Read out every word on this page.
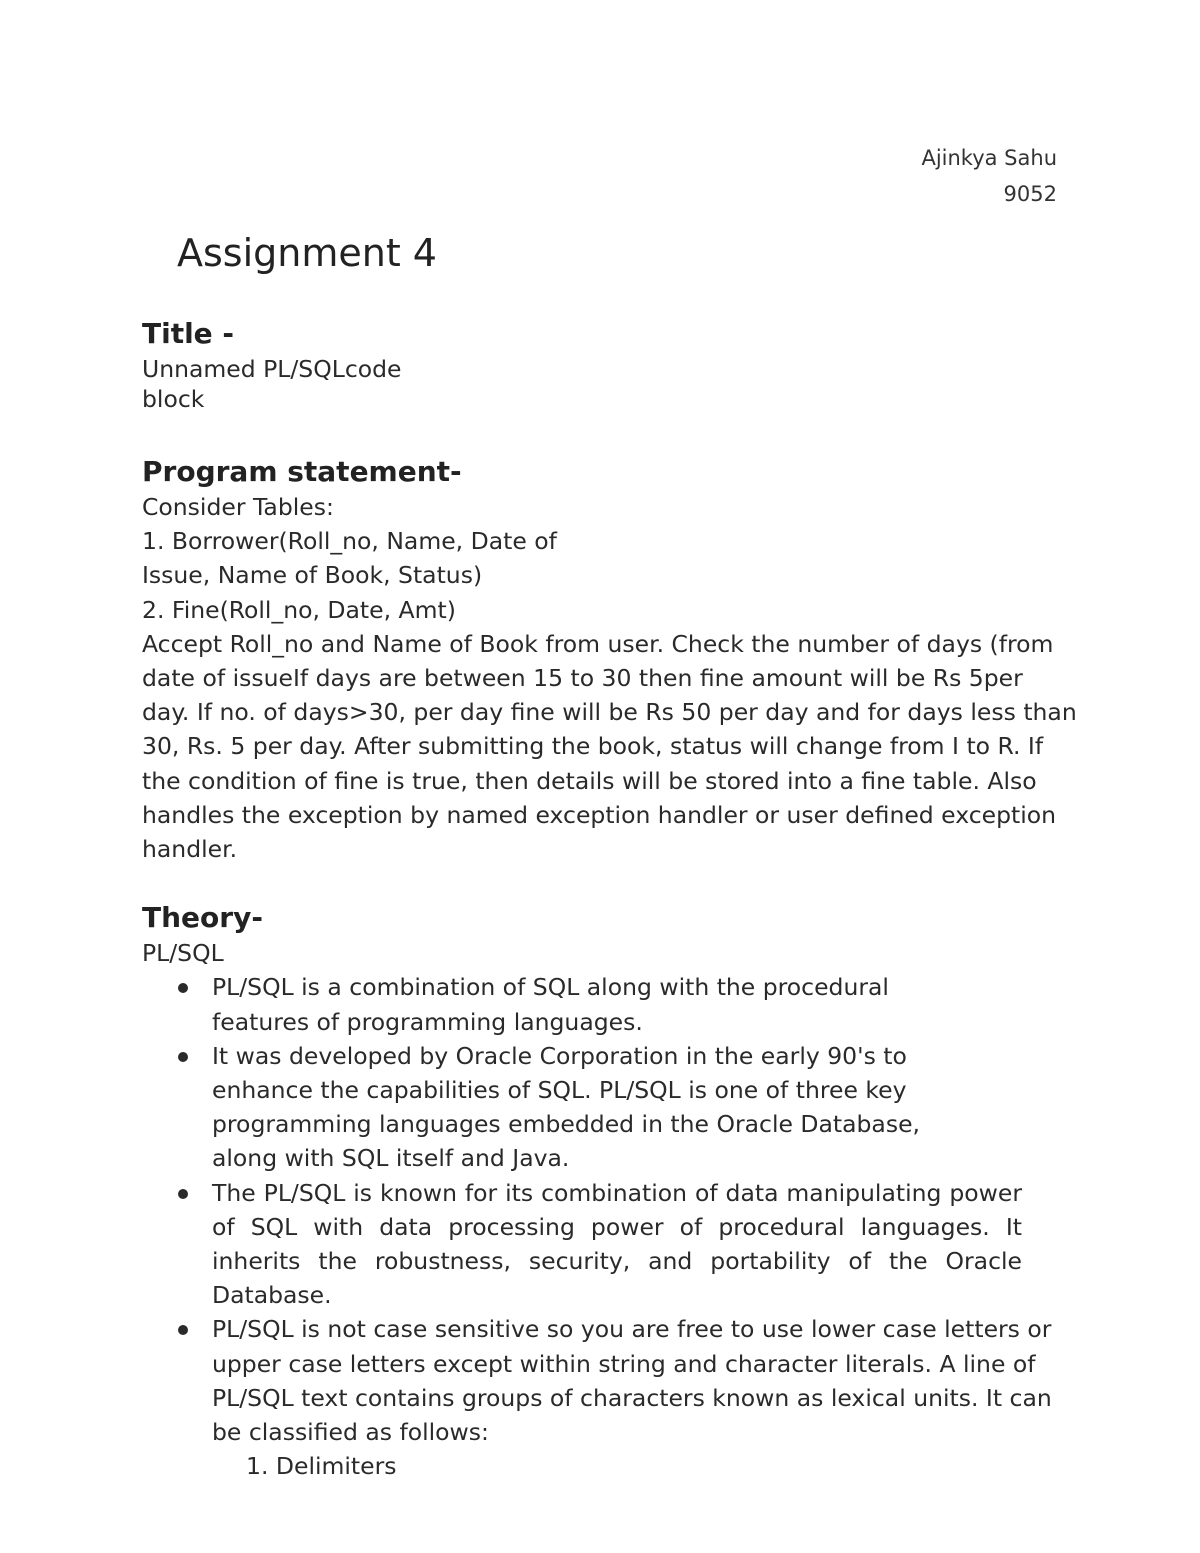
Ajinkya Sahu
9052
Assignment 4
Title -

Unnamed PL/SQLcode block

Program statement-

Consider Tables:

1. Borrower(Roll_no, Name, Date of Issue, Name of Book, Status)

2. Fine(Roll_no, Date, Amt)

Accept Roll_no and Name of Book from user. Check the number of days (from date of issueIf days are between 15 to 30 then fine amount will be Rs 5per day. If no. of days>30, per day fine will be Rs 50 per day and for days less than 30, Rs. 5 per day. After submitting the book, status will change from I to R. If the condition of fine is true, then details will be stored into a fine table. Also handles the exception by named exception handler or user defined exception handler.

Theory-

PL/SQL

PL/SQL is a combination of SQL along with the procedural features of programming languages.
It was developed by Oracle Corporation in the early 90's to enhance the capabilities of SQL. PL/SQL is one of three key programming languages embedded in the Oracle Database, along with SQL itself and Java.
The PL/SQL is known for its combination of data manipulating power of SQL with data processing power of procedural languages. It inherits the robustness, security, and portability of the Oracle Database.
PL/SQL is not case sensitive so you are free to use lower case letters or upper case letters except within string and character literals. A line of PL/SQL text contains groups of characters known as lexical units. It can be classified as follows:
1. Delimiters
